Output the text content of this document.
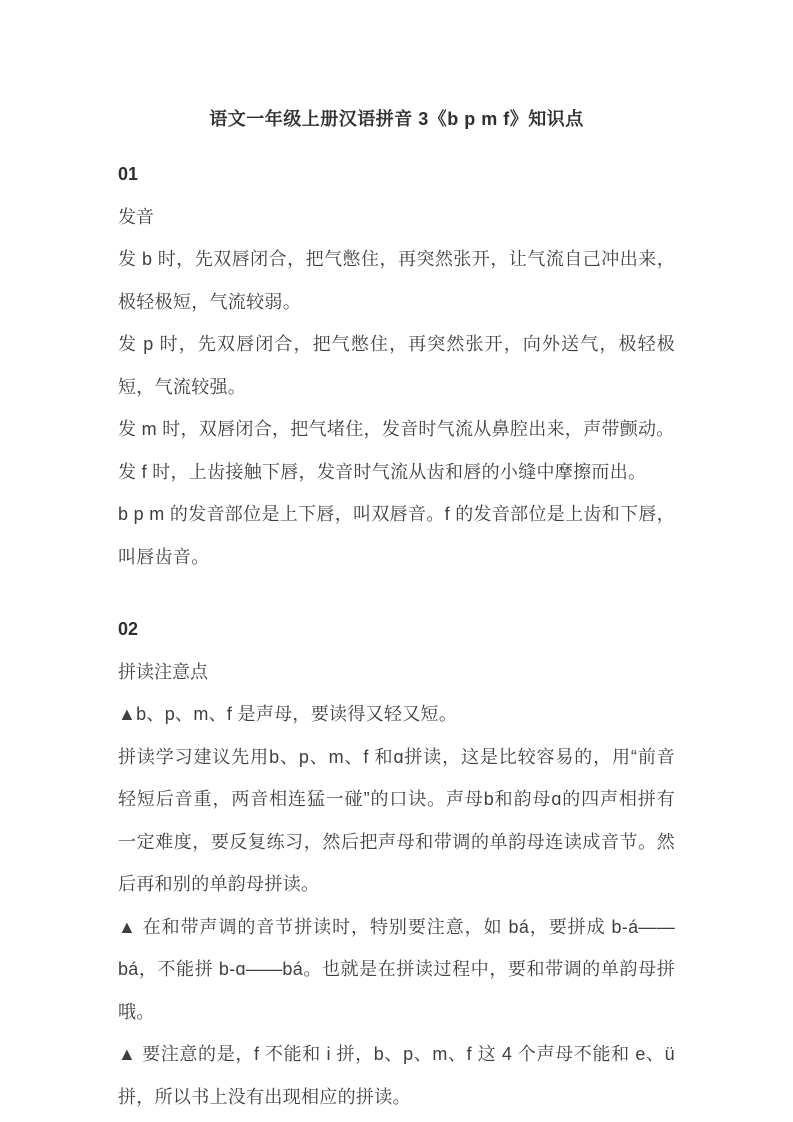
语文一年级上册汉语拼音 3《b p m f》知识点
01
发音

发 b 时，先双唇闭合，把气憋住，再突然张开，让气流自己冲出来，极轻极短，气流较弱。

发 p 时，先双唇闭合，把气憋住，再突然张开，向外送气，极轻极短，气流较强。

发 m 时，双唇闭合，把气堵住，发音时气流从鼻腔出来，声带颤动。

发 f 时，上齿接触下唇，发音时气流从齿和唇的小缝中摩擦而出。

b p m 的发音部位是上下唇，叫双唇音。f 的发音部位是上齿和下唇，叫唇齿音。

02
拼读注意点

▲b、p、m、f 是声母，要读得又轻又短。

拼读学习建议先用b、p、m、f 和ɑ拼读，这是比较容易的，用“前音轻短后音重，两音相连猛一碰”的口诀。声母b和韵母ɑ的四声相拼有一定难度，要反复练习，然后把声母和带调的单韵母连读成音节。然后再和别的单韵母拼读。

▲ 在和带声调的音节拼读时，特别要注意，如 bá，要拼成 b-á——bá，不能拼 b-ɑ——bá。也就是在拼读过程中，要和带调的单韵母拼哦。

▲ 要注意的是，f 不能和 i 拼，b、p、m、f 这 4 个声母不能和 e、ü拼，所以书上没有出现相应的拼读。
